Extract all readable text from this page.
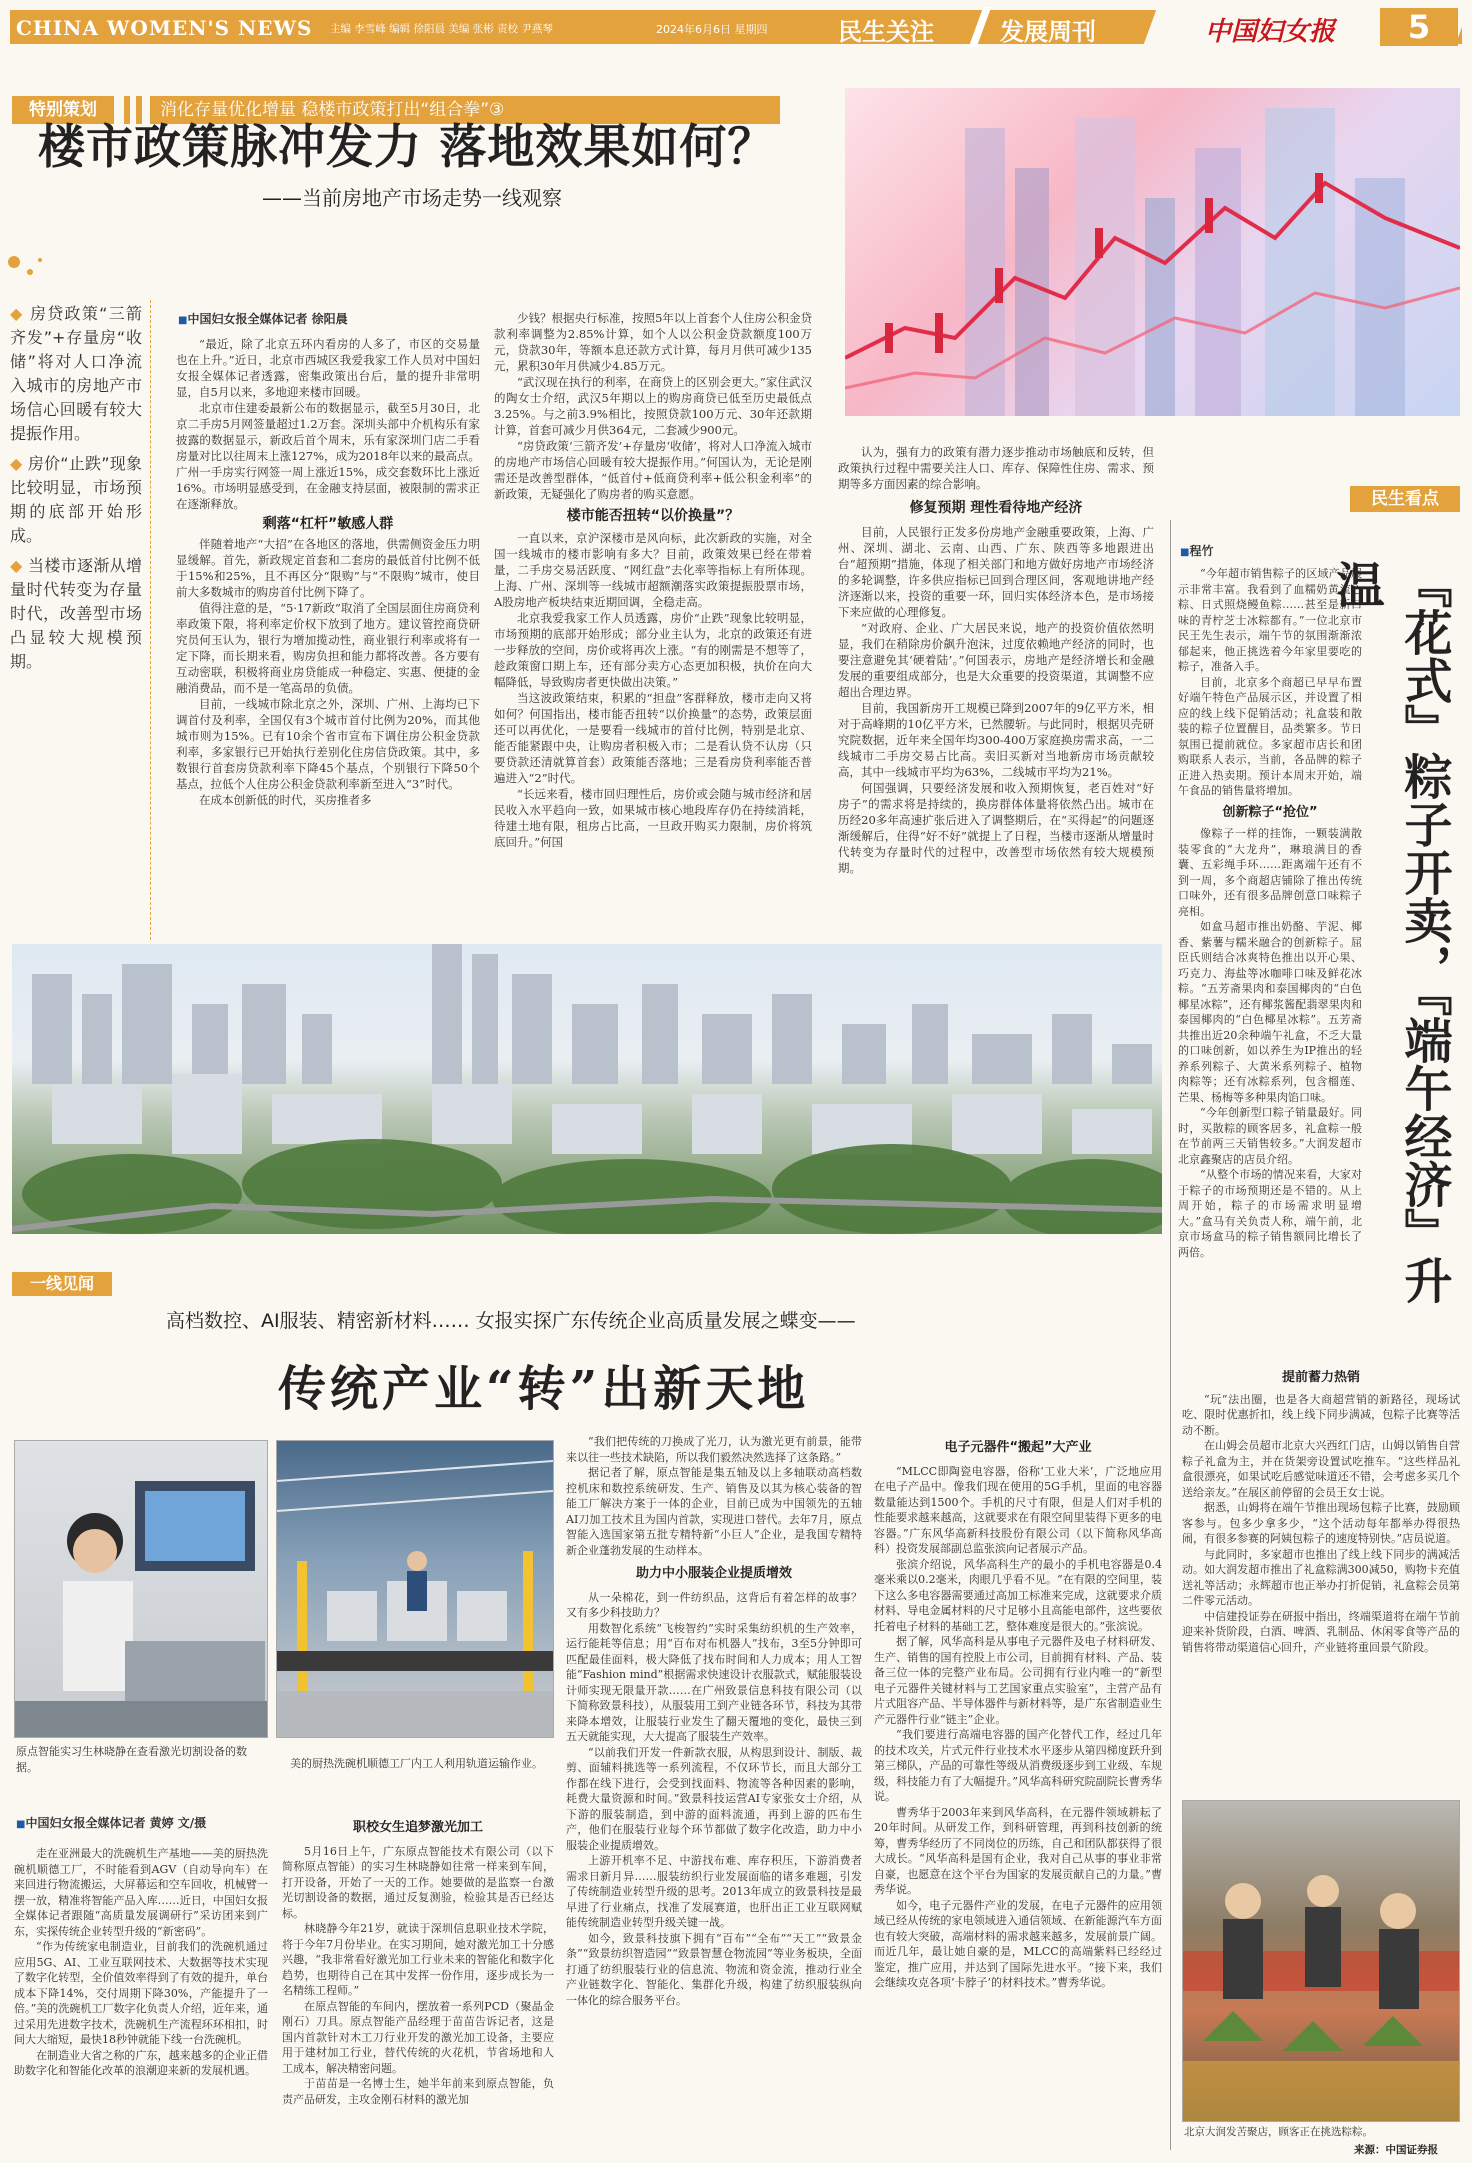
CHINA WOMEN'S NEWS 主编 李雪峰 编辑 徐阳晨 美编 张彬 责校 尹燕琴	2024年6月6日 星期四	民生关注	发展周刊	中国妇女报	5
特别策划	消化存量优化增量 稳楼市政策打出“组合拳”③
楼市政策脉冲发力 落地效果如何？
——当前房地产市场走势一线观察

◆ 房贷政策“三箭齐发”+存量房“收储”将对人口净流入城市的房地产市场信心回暖有较大提振作用。

◆ 房价“止跌”现象比较明显，市场预期的底部开始形成。

◆ 当楼市逐渐从增量时代转变为存量时代，改善型市场凸显较大规模预期。

■ 中国妇女报全媒体记者 徐阳晨

“最近，除了北京五环内看房的人多了，市区的交易量也在上升。”近日，北京市西城区我爱我家工作人员对中国妇女报全媒体记者透露，密集政策出台后，量的提升非常明显，自5月以来，多地迎来楼市回暖。

北京市住建委最新公布的数据显示，截至5月30日，北京二手房5月网签量超过1.2万套。深圳头部中介机构乐有家披露的数据显示，新政后首个周末，乐有家深圳门店二手看房量对比以往周末上涨127%，成为2018年以来的最高点。广州一手房实行网签一周上涨近15%，成交套数环比上涨近16%。市场明显感受到，在金融支持层面，被限制的需求正在逐渐释放。

剩落“杠杆”敏感人群

伴随着地产“大招”在各地区的落地，供需侧资金压力明显缓解。首先，新政规定首套和二套房的最低首付比例不低于15%和25%，且不再区分“限购”与“不限购”城市，使目前大多数城市的购房首付比例下降了。

值得注意的是，“5·17新政”取消了全国层面住房商贷利率政策下限，将利率定价权下放到了地方。建议管控商贷研究员何玉认为，银行为增加揽动性，商业银行利率或将有一定下降，而长期来看，购房负担和能力都将改善。各方要有互动密联，积极将商业房贷能成一种稳定、实惠、便捷的金融消费品，而不是一笔高昂的负债。

目前，一线城市除北京之外，深圳、广州、上海均已下调首付及利率，全国仅有3个城市首付比例为20%，而其他城市则为15%。已有10余个省市宣布下调住房公积金贷款利率，多家银行已开始执行差别化住房信贷政策。其中，多数银行首套房贷款利率下降45个基点，个别银行下降50个基点，拉低个人住房公积金贷款利率新至进入“3”时代。

在成本创新低的时代，买房推者多

少钱？根据央行标准，按照5年以上首套个人住房公积金贷款利率调整为2.85%计算，如个人以公积金贷款额度100万元，贷款30年，等额本息还款方式计算，每月月供可减少135元，累积30年月供减少4.85万元。

“武汉现在执行的利率，在商贷上的区别会更大。”家住武汉的陶女士介绍，武汉5年期以上的购房商贷已低至历史最低点3.25%。与之前3.9%相比，按照贷款100万元、30年还款期计算，首套可减少月供364元，二套减少900元。

“房贷政策‘三箭齐发’+存量房‘收储’，将对人口净流入城市的房地产市场信心回暖有较大提振作用。”何国认为，无论是刚需还是改善型群体，“低首付+低商贷利率+低公积金利率”的新政策，无疑强化了购房者的购买意愿。

楼市能否扭转“以价换量”？

一直以来，京沪深楼市是风向标，此次新政的实施，对全国一线城市的楼市影响有多大？目前，政策效果已经在带着量，二手房交易活跃度、“网红盘”去化率等指标上有所体现。上海、广州、深圳等一线城市超额潮落实政策提振股票市场，A股房地产板块结束近期回调，全稳走高。

北京我爱我家工作人员透露，房价“止跌”现象比较明显，市场预期的底部开始形成；部分业主认为，北京的政策还有进一步释放的空间，房价或将再次上涨。“有的刚需是不想等了，趁政策窗口期上车，还有部分卖方心态更加积极，执价在向大幅降低，导致购房者更快做出决策。”

当这波政策结束，积累的“担盘”客群释放，楼市走向又将如何？何国指出，楼市能否扭转“以价换量”的态势，政策层面还可以再优化，一是要看一线城市的首付比例，特别是北京、能否能紧跟中央，让购房者积极入市；二是看认贷不认房（只要贷款还清就算首套）政策能否落地；三是看房贷利率能否普遍进入“2”时代。

“长远来看，楼市回归理性后，房价或会随与城市经济和居民收入水平趋向一致，如果城市核心地段库存仍在持续消耗，待建土地有限，租房占比高，一旦政开购买力限制，房价将筑底回升。”何国

认为，强有力的政策有潜力逐步推动市场触底和反转，但政策执行过程中需要关注人口、库存、保障性住房、需求、预期等多方面因素的综合影响。

修复预期 理性看待地产经济

目前，人民银行正发多份房地产金融重要政策，上海、广州、深圳、湖北、云南、山西、广东、陕西等多地跟进出台“超预期”措施，体现了相关部门和地方做好房地产市场经济的多轮调整，许多供应指标已回到合理区间，客观地讲地产经济逐渐以来，投资的重要一环，回归实体经济本色，是市场接下来应做的心理修复。

“对政府、企业、广大居民来说，地产的投资价值依然明显，我们在稍除房价飙升泡沫，过度依赖地产经济的同时，也要注意避免其‘硬着陆’。”何国表示，房地产是经济增长和金融发展的重要组成部分，也是大众重要的投资渠道，其调整不应超出合理边界。

目前，我国新房开工规模已降到2007年的9亿平方米，相对于高峰期的10亿平方米，已然腰斩。与此同时，根据贝壳研究院数据，近年来全国年均300-400万家庭换房需求高，一二线城市二手房交易占比高。卖旧买新对当地新房市场贡献较高，其中一线城市平均为63%，二线城市平均为21%。

何国强调，只要经济发展和收入预期恢复，老百姓对“好房子”的需求将是持续的，换房群体体量将依然凸出。城市在历经20多年高速扩张后进入了调整期后，在“买得起”的问题逐渐缓解后，住得“好不好”就提上了日程，当楼市逐渐从增量时代转变为存量时代的过程中，改善型市场依然有较大规模预期。

民生看点
■ 程竹

“今年超市销售粽子的区域产品展示非常丰富。我看到了血糯奶黄流心粽、日式照烧鳗鱼粽……甚至是新口味的青柠芝士冰粽都有。”一位北京市民王先生表示，端午节的氛围渐渐浓郁起来，他正挑选着今年家里要吃的粽子，准备入手。

目前，北京多个商超已早早布置好端午特色产品展示区，并设置了相应的线上线下促销活动；礼盒装和散装的粽子位置醒目，品类繁多。节日氛围已提前就位。多家超市店长和团购联系人表示，当前，各品牌的粽子正进入热卖期。预计本周末开始，端午食品的销售量将增加。

创新粽子“抢位”

像粽子一样的挂饰，一颗装满散装零食的“大龙舟”，琳琅满目的香囊、五彩绳手环……距离端午还有不到一周，多个商超店铺除了推出传统口味外，还有很多品牌创意口味粽子亮相。

如盒马超市推出奶酪、芋泥、椰香、紫薯与糯米融合的创新粽子。屈臣氏则结合冰爽特色推出以开心果、巧克力、海盐等冰咖啡口味及鲜花冰粽。“五芳斋果肉和泰国椰肉的“白色椰星冰粽”，还有椰浆酱配翡翠果肉和泰国椰肉的“白色椰星冰粽”。五芳斋共推出近20余种端午礼盒，不乏大量的口味创新，如以养生为IP推出的轻养系列粽子、大黄米系列粽子、植物肉粽等；还有冰粽系列，包含榴莲、芒果、杨梅等多种果肉馅口味。

“今年创新型口粽子销量最好。同时，买散粽的顾客居多，礼盒粽一般在节前两三天销售较多。”大润发超市北京鑫聚店的店员介绍。

“从整个市场的情况来看，大家对于粽子的市场预期还是不错的。从上周开始，粽子的市场需求明显增大。”盒马有关负责人称，端午前，北京市场盒马的粽子销售额同比增长了两倍。	『花式』粽子开卖，『端午经济』升温
提前蓄力热销

“玩”法出圈，也是各大商超营销的新路径，现场试吃、限时优惠折扣，线上线下同步满减，包粽子比赛等活动不断。

在山姆会员超市北京大兴西红门店，山姆以销售自营粽子礼盒为主，并在货架旁设置试吃推车。“这些样品礼盒很漂亮，如果试吃后感觉味道还不错，会考虑多买几个送给亲友。”在展区前停留的会员王女士说。

据悉，山姆将在端午节推出现场包粽子比赛，鼓励顾客参与。包多少拿多少，“这个活动每年都举办得很热闹，有很多参赛的阿姨包粽子的速度特别快。”店员说道。

与此同时，多家超市也推出了线上线下同步的满减活动。如大润发超市推出了礼盒粽满300减50，购物卡充值送礼等活动；永辉超市也正举办打折促销，礼盒粽会员第二件零元活动。

中信建投证券在研报中指出，终端渠道将在端午节前迎来补货阶段，白酒、啤酒、乳制品、休闲零食等产品的销售将带动渠道信心回升，产业链将重回景气阶段。

北京大润发苦聚店，顾客正在挑选粽粽。
来源：中国证券报
一线见闻
高档数控、AI服装、精密新材料…… 女报实探广东传统企业高质量发展之蝶变——
传统产业“转”出新天地
原点智能实习生林晓静在查看激光切割设备的数据。	美的厨热洗碗机顺德工厂内工人利用轨道运输作业。
■ 中国妇女报全媒体记者 黄婷 文/摄

走在亚洲最大的洗碗机生产基地——美的厨热洗碗机顺德工厂，不时能看到AGV（自动导向车）在来回进行物流搬运，大屏幕运和空车回收，机械臂一摆一放，精准将智能产品入库……近日，中国妇女报全媒体记者跟随“高质量发展调研行”采访团来到广东，实探传统企业转型升级的“新密码”。

“作为传统家电制造业，目前我们的洗碗机通过应用5G、AI、工业互联网技术、大数据等技术实现了数字化转型，全价值效率得到了有效的提升，单台成本下降14%，交付周期下降30%，产能提升了一倍。”美的洗碗机工厂数字化负责人介绍，近年来，通过采用先进数字技术，洗碗机生产流程环环相扣，时间大大缩短，最快18秒钟就能下线一台洗碗机。

在制造业大省之称的广东，越来越多的企业正借助数字化和智能化改革的浪潮迎来新的发展机遇。

职校女生追梦激光加工

5月16日上午，广东原点智能技术有限公司（以下简称原点智能）的实习生林晓静如往常一样来到车间，打开设备，开始了一天的工作。她要做的是监察一台激光切割设备的数据，通过反复测验，检验其是否已经达标。

林晓静今年21岁，就读于深圳信息职业技术学院，将于今年7月份毕业。在实习期间，她对激光加工十分感兴趣，“我非常看好激光加工行业未来的智能化和数字化趋势，也期待自己在其中发挥一份作用，逐步成长为一名精练工程师。”

在原点智能的车间内，摆放着一系列PCD（聚晶金刚石）刀具。原点智能产品经理于苗苗告诉记者，这是国内首款针对木工刀行业开发的激光加工设备，主要应用于建材加工行业，替代传统的火花机，节省场地和人工成本，解决精密问题。

于苗苗是一名博士生，她半年前来到原点智能，负责产品研发，主攻金刚石材料的激光加

“我们把传统的刀换成了光刀，认为激光更有前景，能带来以往一些技术缺陷，所以我们毅然决然选择了这条路。”

据记者了解，原点智能是集五轴及以上多轴联动高档数控机床和数控系统研发、生产、销售及以其为核心装备的智能工厂解决方案于一体的企业，目前已成为中国领先的五轴AI刀加工技术且为国内首款，实现进口替代。去年7月，原点智能入选国家第五批专精特新“小巨人”企业，是我国专精特新企业蓬勃发展的生动样本。

助力中小服装企业提质增效

从一朵棉花，到一件纺织品，这背后有着怎样的故事？又有多少科技助力？

用数智化系统“飞梭智约”实时采集纺织机的生产效率，运行能耗等信息；用“百布对布机器人”找布，3至5分钟即可匹配最佳面料，极大降低了找布时间和人力成本；用人工智能“Fashion mind”根据需求快速设计衣服款式，赋能服装设计师实现无限量开款……在广州致景信息科技有限公司（以下简称致景科技），从服装用工到产业链各环节，科技为其带来降本增效，让服装行业发生了翻天覆地的变化，最快三到五天就能实现，大大提高了服装生产效率。

“以前我们开发一件新款衣服，从构思到设计、制版、裁剪、面辅料挑选等一系列流程，不仅环节长，而且大部分工作都在线下进行，会受到找面料、物流等各种因素的影响，耗费大量资源和时间。”致景科技运营AI专家张女士介绍，从下游的服装制造，到中游的面料流通，再到上游的匹布生产，他们在服装行业每个环节都做了数字化改造，助力中小服装企业提质增效。

上游开机率不足、中游找布难、库存积压，下游消费者需求日新月异……服装纺织行业发展面临的诸多难题，引发了传统制造业转型升级的思考。2013年成立的致景科技是最早进了行业痛点，找准了发展赛道，也肝出正工业互联网赋能传统制造业转型升级关键一战。

如今，致景科技旗下拥有“百布”“全布”“天工”“致景金条”“致景纺织智造园”“致景智慧仓物流园”等业务板块，全面打通了纺织服装行业的信息流、物流和资金流，推动行业全产业链数字化、智能化、集群化升级，构建了纺织服装纵向一体化的综合服务平台。

电子元器件“搬起”大产业

“MLCC即陶瓷电容器，俗称‘工业大米’，广泛地应用在电子产品中。像我们现在使用的5G手机，里面的电容器数量能达到1500个。手机的尺寸有限，但是人们对手机的性能要求越来越高，这就要求在有限空间里装得下更多的电容器。”广东风华高新科技股份有限公司（以下简称风华高科）投资发展部副总监张滨向记者展示产品。

张滨介绍说，风华高科生产的最小的手机电容器是0.4毫米乘以0.2毫米，肉眼几乎看不见。“在有限的空间里，装下这么多电容器需要通过高加工标准来完成，这就要求介质材料、导电金属材料的尺寸足够小且高能电部件，这些要依托着电子材料的基础工艺，整体难度是很大的。”张滨说。

据了解，风华高科是从事电子元器件及电子材料研发、生产、销售的国有控股上市公司，目前拥有材料、产品、装备三位一体的完整产业布局。公司拥有行业内唯一的“新型电子元器件关键材料与工艺国家重点实验室”，主营产品有片式阻容产品、半导体器件与新材料等，是广东省制造业生产元器件行业“链主”企业。

“我们要进行高端电容器的国产化替代工作，经过几年的技术攻关，片式元件行业技术水平逐步从第四梯度跃升到第三梯队，产品的可靠性等级从消费级逐步到工业级、车规级，科技能力有了大幅提升。”风华高科研究院副院长曹秀华说。

曹秀华于2003年来到风华高科，在元器件领域耕耘了20年时间。从研发工作，到科研管理，再到科技创新的统筹，曹秀华经历了不同岗位的历练，自己和团队都获得了很大成长。“风华高科是国有企业，我对自己从事的事业非常自豪，也愿意在这个平台为国家的发展贡献自己的力量。”曹秀华说。

如今，电子元器件产业的发展，在电子元器件的应用领域已经从传统的家电领域进入通信领域、在新能源汽车方面也有较大突破，高端材料的需求越来越多，发展前景广阔。而近几年，最让她自豪的是，MLCC的高端紫料已经经过鉴定，推广应用，并达到了国际先进水平。“接下来，我们会继续攻克各项‘卡脖子’的材料技术。”曹秀华说。
